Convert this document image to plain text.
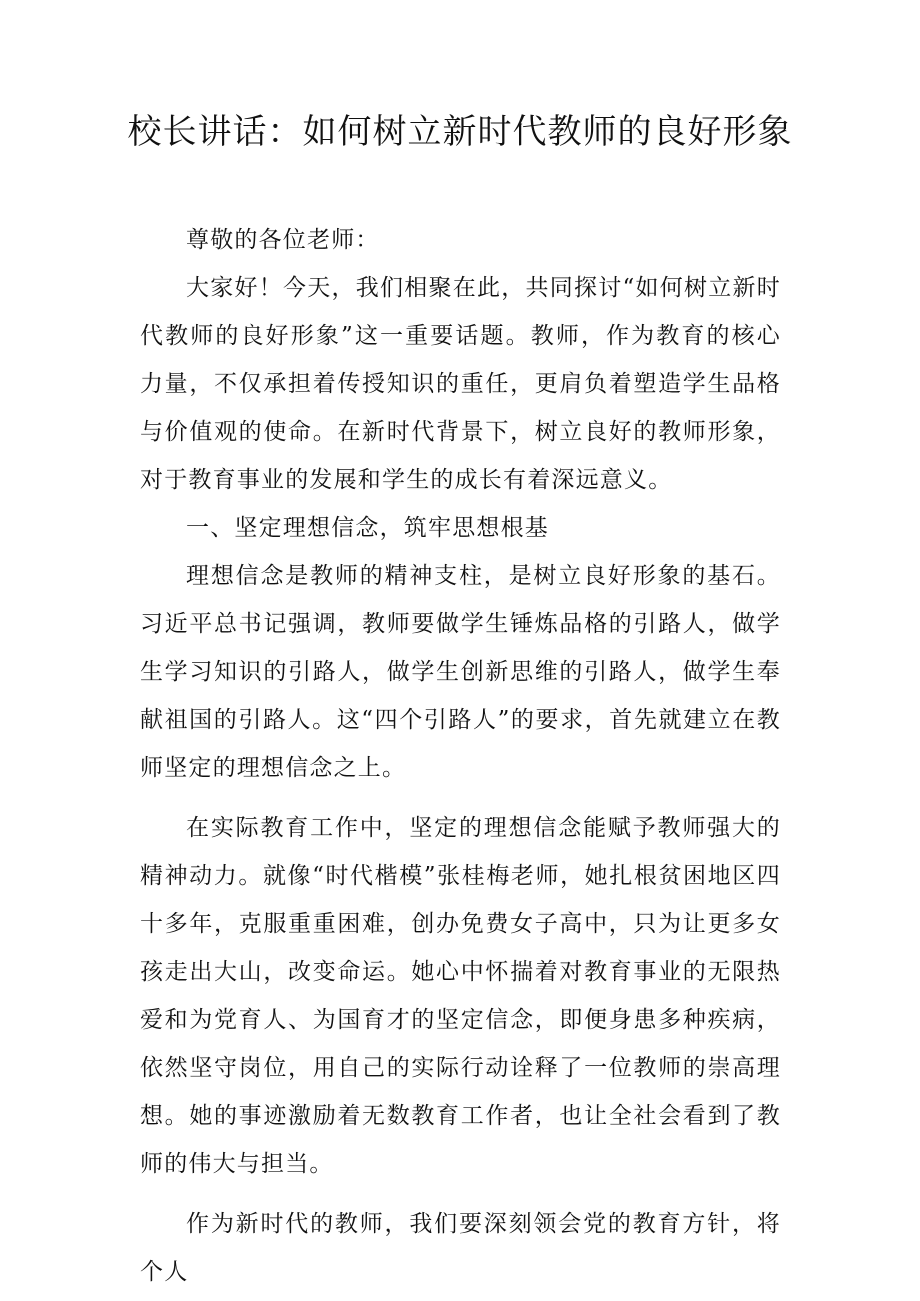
校长讲话：如何树立新时代教师的良好形象

尊敬的各位老师：

大家好！今天，我们相聚在此，共同探讨“如何树立新时代教师的良好形象”这一重要话题。教师，作为教育的核心力量，不仅承担着传授知识的重任，更肩负着塑造学生品格与价值观的使命。在新时代背景下，树立良好的教师形象，对于教育事业的发展和学生的成长有着深远意义。

一、坚定理想信念，筑牢思想根基

理想信念是教师的精神支柱，是树立良好形象的基石。习近平总书记强调，教师要做学生锤炼品格的引路人，做学生学习知识的引路人，做学生创新思维的引路人，做学生奉献祖国的引路人。这“四个引路人”的要求，首先就建立在教师坚定的理想信念之上。

在实际教育工作中，坚定的理想信念能赋予教师强大的精神动力。就像“时代楷模”张桂梅老师，她扎根贫困地区四十多年，克服重重困难，创办免费女子高中，只为让更多女孩走出大山，改变命运。她心中怀揣着对教育事业的无限热爱和为党育人、为国育才的坚定信念，即便身患多种疾病，依然坚守岗位，用自己的实际行动诠释了一位教师的崇高理想。她的事迹激励着无数教育工作者，也让全社会看到了教师的伟大与担当。

作为新时代的教师，我们要深刻领会党的教育方针，将个人
